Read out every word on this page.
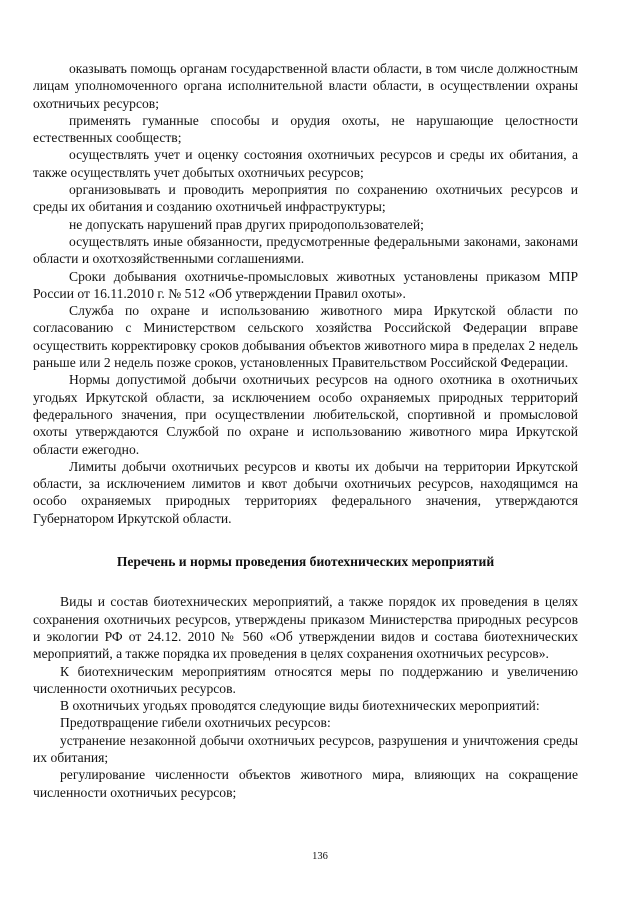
оказывать помощь органам государственной власти области, в том числе должностным лицам уполномоченного органа исполнительной власти области, в осуществлении охраны охотничьих ресурсов;

применять гуманные способы и орудия охоты, не нарушающие целостности естественных сообществ;

осуществлять учет и оценку состояния охотничьих ресурсов и среды их обитания, а также осуществлять учет добытых охотничьих ресурсов;

организовывать и проводить мероприятия по сохранению охотничьих ресурсов и среды их обитания и созданию охотничьей инфраструктуры;

не допускать нарушений прав других природопользователей;

осуществлять иные обязанности, предусмотренные федеральными законами, законами области и охотхозяйственными соглашениями.

Сроки добывания охотничье-промысловых животных установлены приказом МПР России от 16.11.2010 г. № 512 «Об утверждении Правил охоты».

Служба по охране и использованию животного мира Иркутской области по согласованию с Министерством сельского хозяйства Российской Федерации вправе осуществить корректировку сроков добывания объектов животного мира в пределах 2 недель раньше или 2 недель позже сроков, установленных Правительством Российской Федерации.

Нормы допустимой добычи охотничьих ресурсов на одного охотника в охотничьих угодьях Иркутской области, за исключением особо охраняемых природных территорий федерального значения, при осуществлении любительской, спортивной и промысловой охоты утверждаются Службой по охране и использованию животного мира Иркутской области ежегодно.

Лимиты добычи охотничьих ресурсов и квоты их добычи на территории Иркутской области, за исключением лимитов и квот добычи охотничьих ресурсов, находящимся на особо охраняемых природных территориях федерального значения, утверждаются Губернатором Иркутской области.

Перечень и нормы проведения биотехнических мероприятий

Виды и состав биотехнических мероприятий, а также порядок их проведения в целях сохранения охотничьих ресурсов, утверждены приказом Министерства природных ресурсов и экологии РФ от 24.12. 2010 № 560 «Об утверждении видов и состава биотехнических мероприятий, а также порядка их проведения в целях сохранения охотничьих ресурсов».

К биотехническим мероприятиям относятся меры по поддержанию и увеличению численности охотничьих ресурсов.

В охотничьих угодьях проводятся следующие виды биотехнических мероприятий:

Предотвращение гибели охотничьих ресурсов:

устранение незаконной добычи охотничьих ресурсов, разрушения и уничтожения среды их обитания;

регулирование численности объектов животного мира, влияющих на сокращение численности охотничьих ресурсов;

136
